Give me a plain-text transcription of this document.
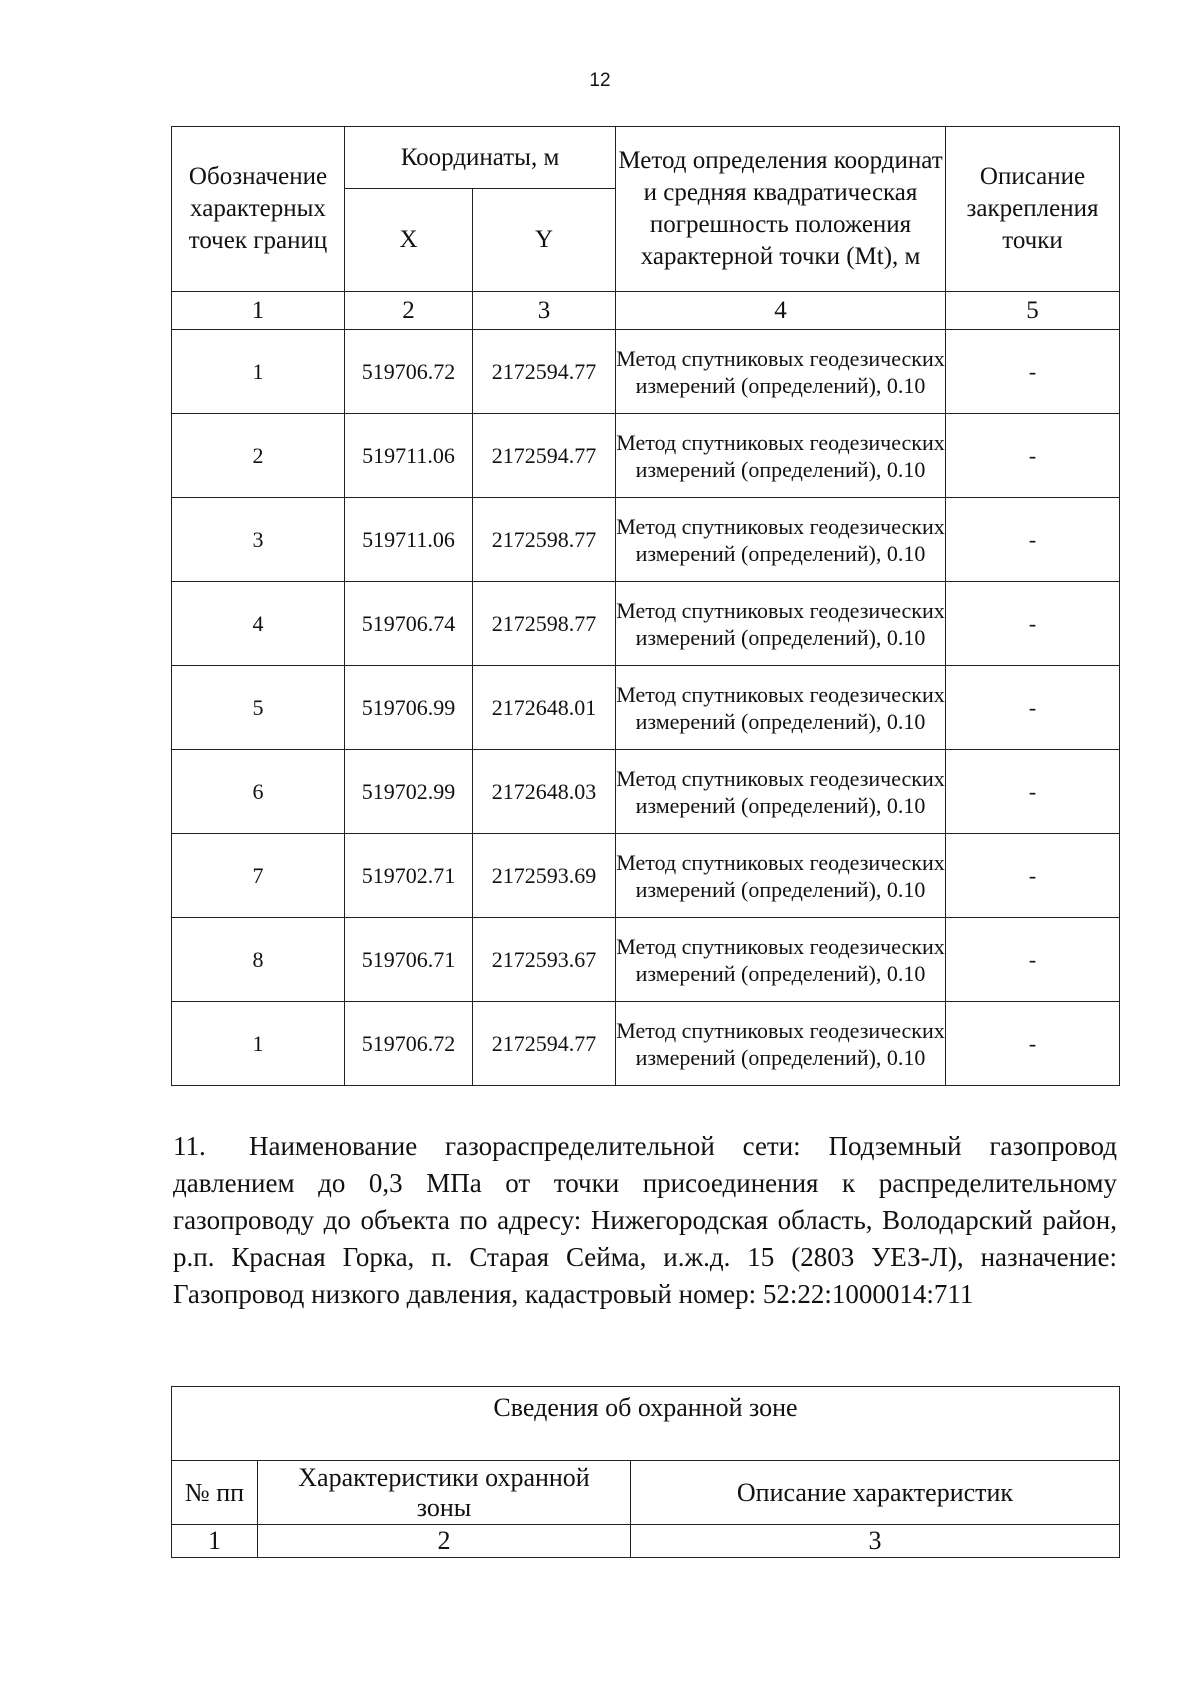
12
Обозначение характерных точек границ	Координаты, м		Метод определения координат и средняя квадратическая погрешность положения характерной точки (Mt), м	Описание закрепления точки
	X	Y		
1	2	3	4	5
1	519706.72	2172594.77	Метод спутниковых геодезических измерений (определений), 0.10	-
2	519711.06	2172594.77	Метод спутниковых геодезических измерений (определений), 0.10	-
3	519711.06	2172598.77	Метод спутниковых геодезических измерений (определений), 0.10	-
4	519706.74	2172598.77	Метод спутниковых геодезических измерений (определений), 0.10	-
5	519706.99	2172648.01	Метод спутниковых геодезических измерений (определений), 0.10	-
6	519702.99	2172648.03	Метод спутниковых геодезических измерений (определений), 0.10	-
7	519702.71	2172593.69	Метод спутниковых геодезических измерений (определений), 0.10	-
8	519706.71	2172593.67	Метод спутниковых геодезических измерений (определений), 0.10	-
1	519706.72	2172594.77	Метод спутниковых геодезических измерений (определений), 0.10	-

11. Наименование газораспределительной сети: Подземный газопровод давлением до 0,3 МПа от точки присоединения к распределительному газопроводу до объекта по адресу: Нижегородская область, Володарский район, р.п. Красная Горка, п. Старая Сейма, и.ж.д. 15 (2803 УЕЗ-Л), назначение: Газопровод низкого давления, кадастровый номер: 52:22:1000014:711

Сведения об охранной зоне		
№ пп	Характеристики охранной зоны	Описание характеристик
1	2	3
